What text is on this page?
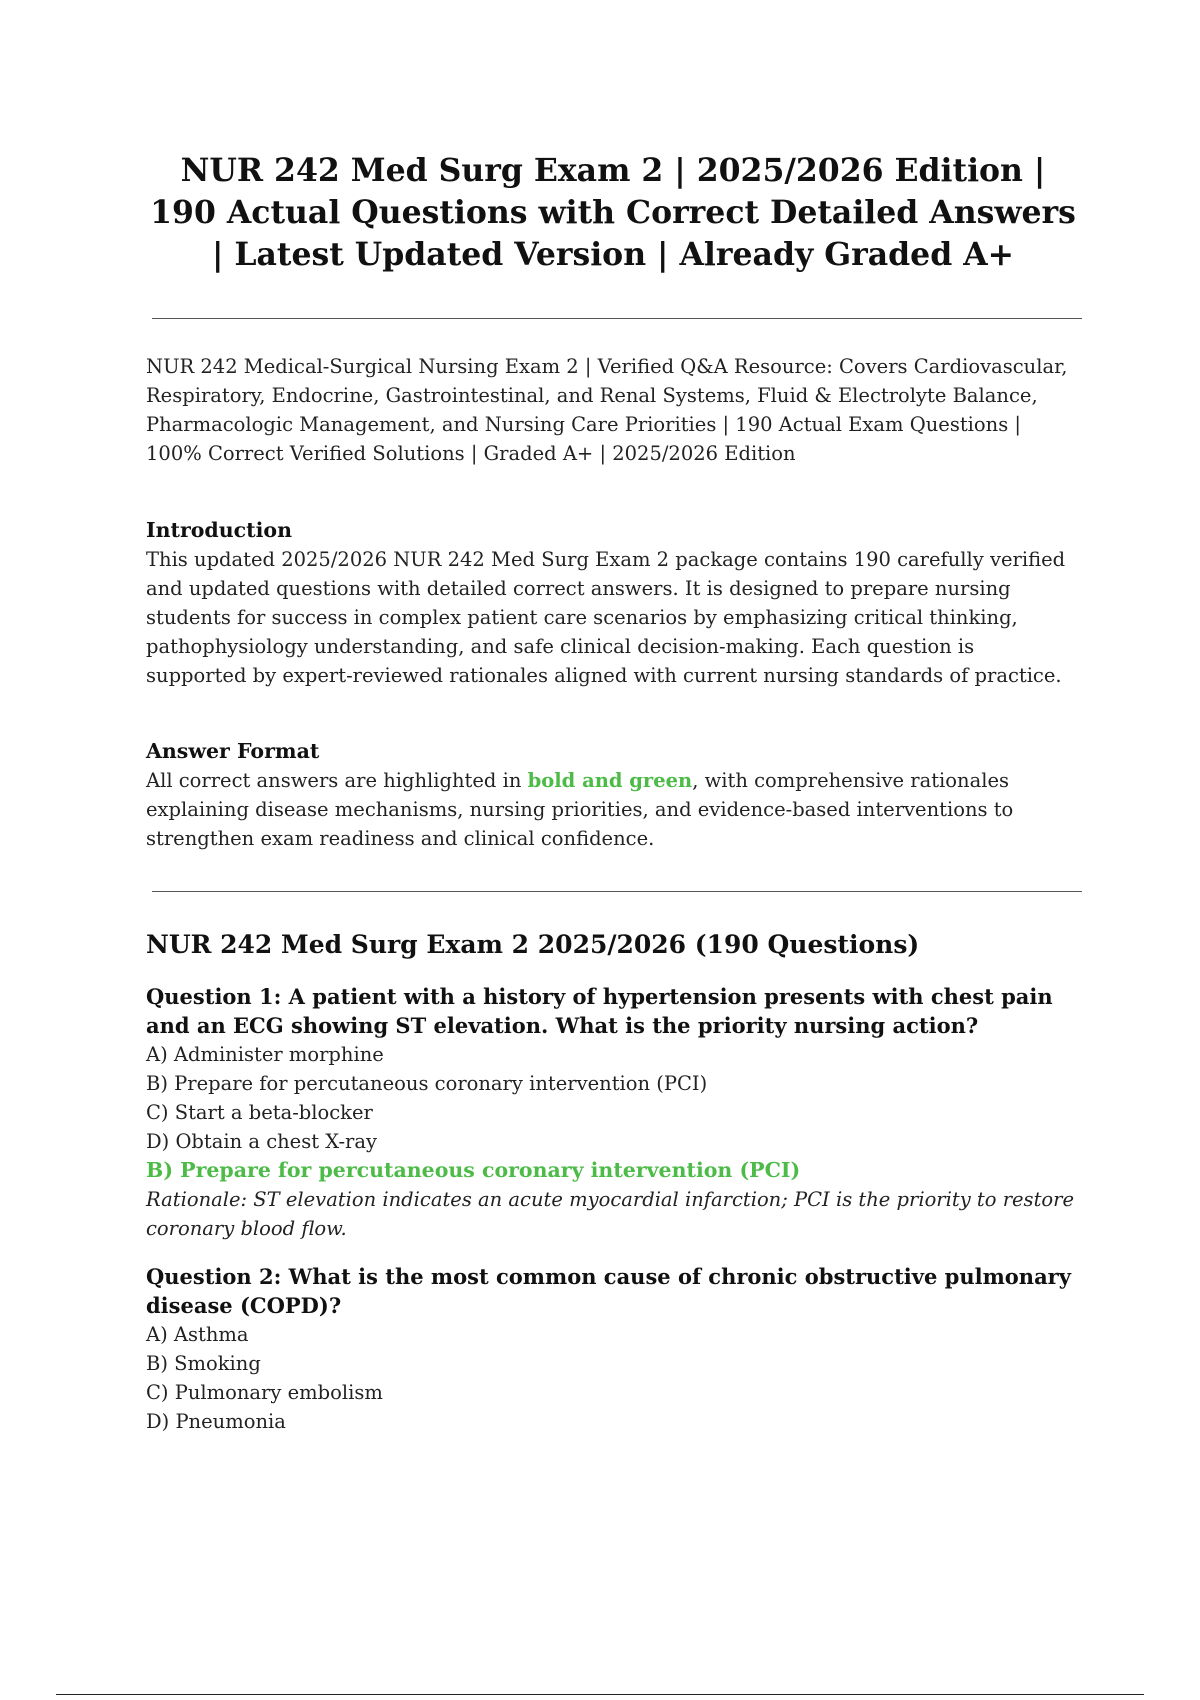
NUR 242 Med Surg Exam 2 | 2025/2026 Edition | 190 Actual Questions with Correct Detailed Answers | Latest Updated Version | Already Graded A+

NUR 242 Medical-Surgical Nursing Exam 2 | Verified Q&A Resource: Covers Cardiovascular, Respiratory, Endocrine, Gastrointestinal, and Renal Systems, Fluid & Electrolyte Balance, Pharmacologic Management, and Nursing Care Priorities | 190 Actual Exam Questions | 100% Correct Verified Solutions | Graded A+ | 2025/2026 Edition

Introduction

This updated 2025/2026 NUR 242 Med Surg Exam 2 package contains 190 carefully verified and updated questions with detailed correct answers. It is designed to prepare nursing students for success in complex patient care scenarios by emphasizing critical thinking, pathophysiology understanding, and safe clinical decision-making. Each question is supported by expert-reviewed rationales aligned with current nursing standards of practice.

Answer Format

All correct answers are highlighted in bold and green, with comprehensive rationales explaining disease mechanisms, nursing priorities, and evidence-based interventions to strengthen exam readiness and clinical confidence.

NUR 242 Med Surg Exam 2 2025/2026 (190 Questions)

Question 1: A patient with a history of hypertension presents with chest pain and an ECG showing ST elevation. What is the priority nursing action?

A) Administer morphine
B) Prepare for percutaneous coronary intervention (PCI)
C) Start a beta-blocker
D) Obtain a chest X-ray

B) Prepare for percutaneous coronary intervention (PCI)

Rationale: ST elevation indicates an acute myocardial infarction; PCI is the priority to restore coronary blood flow.

Question 2: What is the most common cause of chronic obstructive pulmonary disease (COPD)?

A) Asthma
B) Smoking
C) Pulmonary embolism
D) Pneumonia
